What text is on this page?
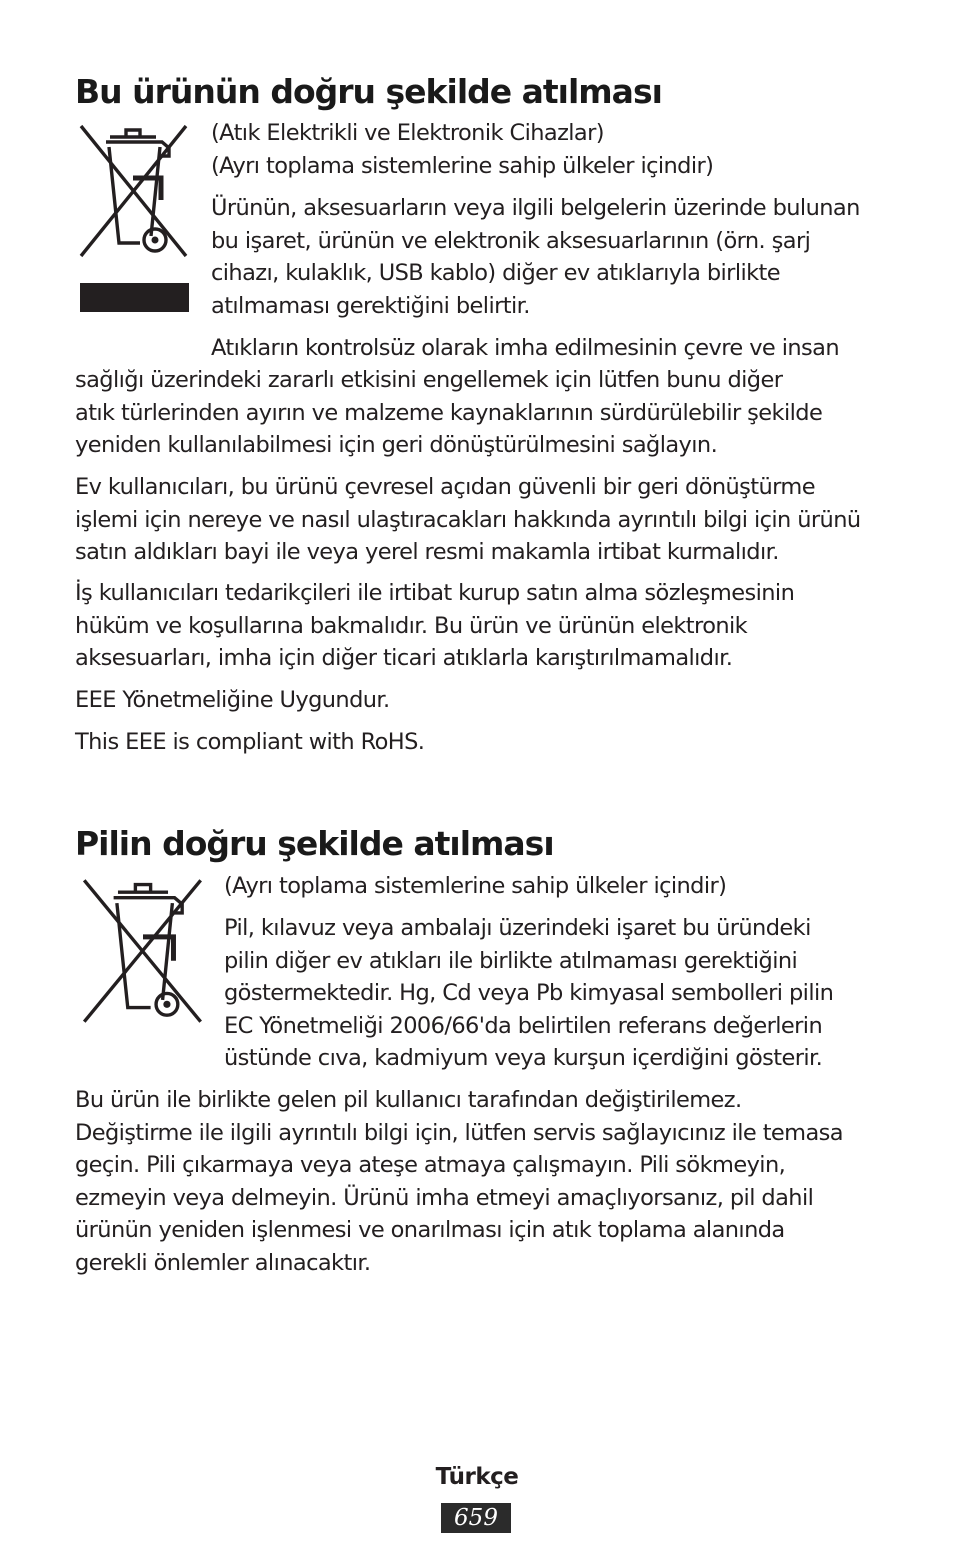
Bu ürünün doğru şekilde atılması

(Atık Elektrikli ve Elektronik Cihazlar)
(Ayrı toplama sistemlerine sahip ülkeler içindir)

Ürünün, aksesuarların veya ilgili belgelerin üzerinde bulunan
bu işaret, ürünün ve elektronik aksesuarlarının (örn. şarj
cihazı, kulaklık, USB kablo) diğer ev atıklarıyla birlikte
atılmaması gerektiğini belirtir.

Atıkların kontrolsüz olarak imha edilmesinin çevre ve insan

sağlığı üzerindeki zararlı etkisini engellemek için lütfen bunu diğer
atık türlerinden ayırın ve malzeme kaynaklarının sürdürülebilir şekilde
yeniden kullanılabilmesi için geri dönüştürülmesini sağlayın.

Ev kullanıcıları, bu ürünü çevresel açıdan güvenli bir geri dönüştürme
işlemi için nereye ve nasıl ulaştıracakları hakkında ayrıntılı bilgi için ürünü
satın aldıkları bayi ile veya yerel resmi makamla irtibat kurmalıdır.

İş kullanıcıları tedarikçileri ile irtibat kurup satın alma sözleşmesinin
hüküm ve koşullarına bakmalıdır. Bu ürün ve ürünün elektronik
aksesuarları, imha için diğer ticari atıklarla karıştırılmamalıdır.

EEE Yönetmeliğine Uygundur.

This EEE is compliant with RoHS.

Pilin doğru şekilde atılması

(Ayrı toplama sistemlerine sahip ülkeler içindir)

Pil, kılavuz veya ambalajı üzerindeki işaret bu üründeki
pilin diğer ev atıkları ile birlikte atılmaması gerektiğini
göstermektedir. Hg, Cd veya Pb kimyasal sembolleri pilin
EC Yönetmeliği 2006/66'da belirtilen referans değerlerin
üstünde cıva, kadmiyum veya kurşun içerdiğini gösterir.

Bu ürün ile birlikte gelen pil kullanıcı tarafından değiştirilemez.
Değiştirme ile ilgili ayrıntılı bilgi için, lütfen servis sağlayıcınız ile temasa
geçin. Pili çıkarmaya veya ateşe atmaya çalışmayın. Pili sökmeyin,
ezmeyin veya delmeyin. Ürünü imha etmeyi amaçlıyorsanız, pil dahil
ürünün yeniden işlenmesi ve onarılması için atık toplama alanında
gerekli önlemler alınacaktır.

Türkçe
659
